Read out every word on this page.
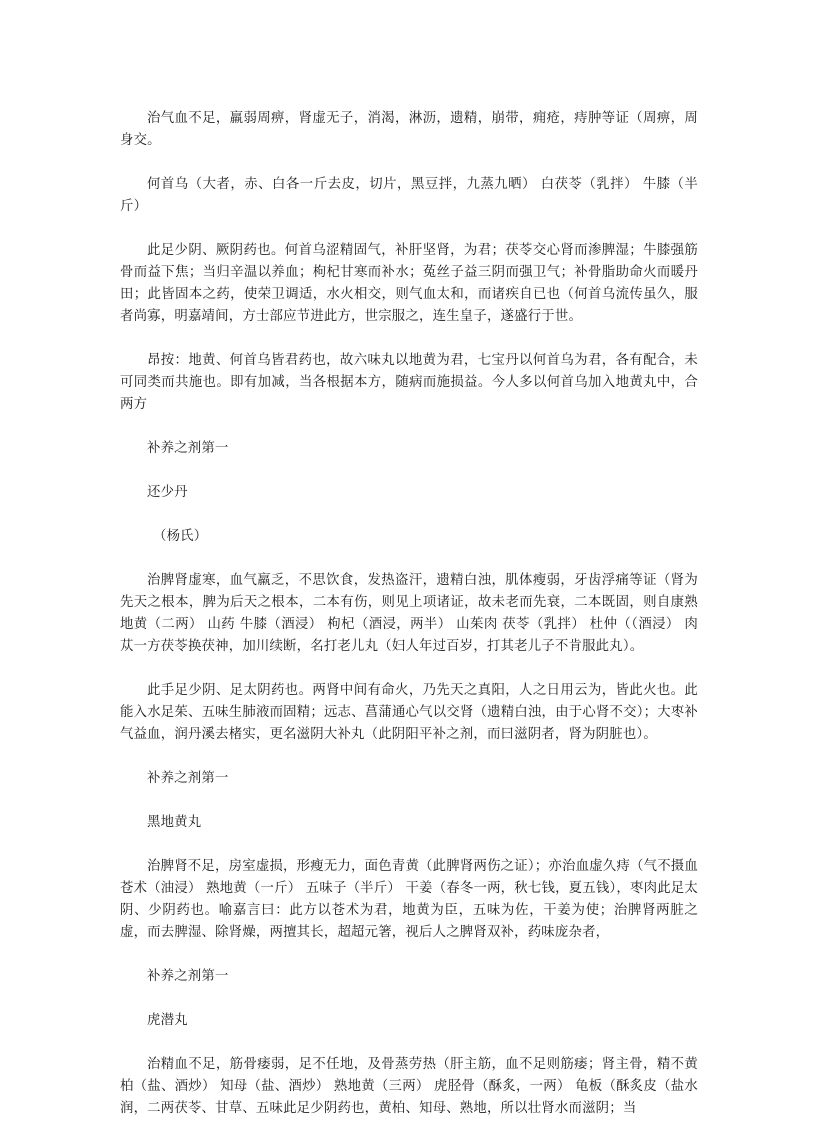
治气血不足，羸弱周痹，肾虚无子，消渴，淋沥，遗精，崩带，痈疮，痔肿等证（周痹，周身交。

何首乌（大者，赤、白各一斤去皮，切片，黑豆拌，九蒸九晒） 白茯苓（乳拌） 牛膝（半斤）

此足少阴、厥阴药也。何首乌涩精固气，补肝坚肾，为君；茯苓交心肾而渗脾湿；牛膝强筋骨而益下焦；当归辛温以养血；枸杞甘寒而补水；菟丝子益三阴而强卫气；补骨脂助命火而暖丹田；此皆固本之药，使荣卫调适，水火相交，则气血太和，而诸疾自已也（何首乌流传虽久，服者尚寡，明嘉靖间，方士部应节进此方，世宗服之，连生皇子，遂盛行于世。

昂按：地黄、何首乌皆君药也，故六味丸以地黄为君，七宝丹以何首乌为君，各有配合，未可同类而共施也。即有加减，当各根据本方，随病而施损益。今人多以何首乌加入地黄丸中，合两方

补养之剂第一

还少丹

（杨氏）

治脾肾虚寒，血气羸乏，不思饮食，发热盗汗，遗精白浊，肌体瘦弱，牙齿浮痛等证（肾为先天之根本，脾为后天之根本，二本有伤，则见上项诸证，故未老而先衰，二本既固，则自康熟地黄（二两） 山药 牛膝（酒浸） 枸杞（酒浸，两半） 山茱肉 茯苓（乳拌） 杜仲（（酒浸） 肉苁一方茯苓换茯神，加川续断，名打老儿丸（妇人年过百岁，打其老儿子不肯服此丸）。

此手足少阴、足太阴药也。两肾中间有命火，乃先天之真阳，人之日用云为，皆此火也。此能入水足茱、五味生肺液而固精；远志、菖蒲通心气以交肾（遗精白浊，由于心肾不交）；大枣补气益血，润丹溪去楮实，更名滋阴大补丸（此阴阳平补之剂，而曰滋阴者，肾为阴脏也）。

补养之剂第一

黑地黄丸

治脾肾不足，房室虚损，形瘦无力，面色青黄（此脾肾两伤之证）；亦治血虚久痔（气不摄血苍术（油浸） 熟地黄（一斤） 五味子（半斤） 干姜（春冬一两，秋七钱，夏五钱），枣肉此足太阴、少阴药也。喻嘉言曰：此方以苍术为君，地黄为臣，五味为佐，干姜为使；治脾肾两脏之虚，而去脾湿、除肾燥，两擅其长，超超元箸，视后人之脾肾双补，药味庞杂者，

补养之剂第一

虎潜丸

治精血不足，筋骨痿弱，足不任地，及骨蒸劳热（肝主筋，血不足则筋痿；肾主骨，精不黄柏（盐、酒炒） 知母（盐、酒炒） 熟地黄（三两） 虎胫骨（酥炙，一两） 龟板（酥炙皮（盐水润，二两茯苓、甘草、五味此足少阴药也，黄柏、知母、熟地，所以壮肾水而滋阴；当
